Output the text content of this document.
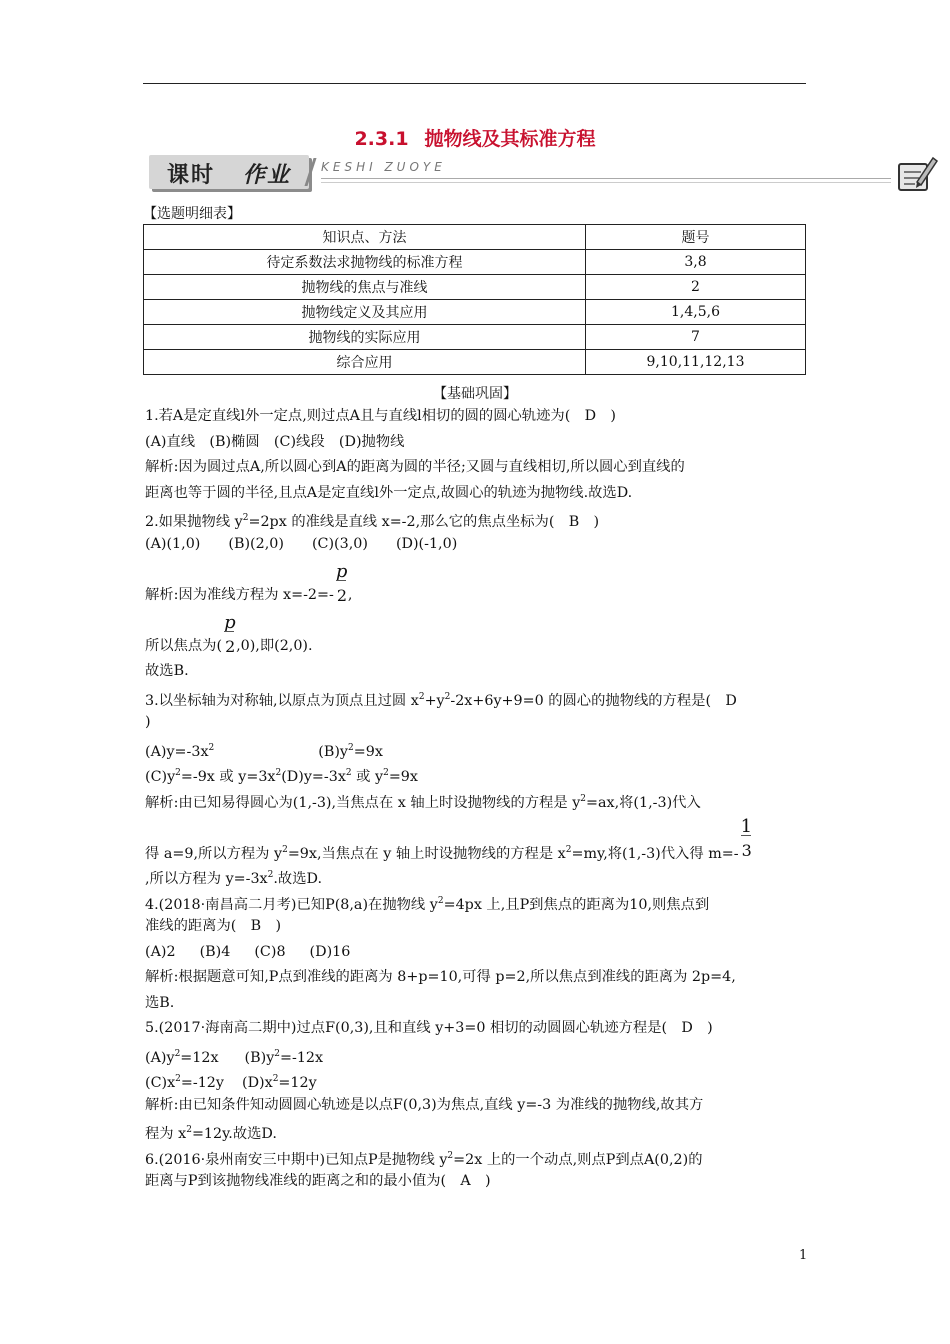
2.3.1 抛物线及其标准方程
课时 作业 KESHI ZUOYE
【选题明细表】
知识点、方法	题号
待定系数法求抛物线的标准方程	3,8
抛物线的焦点与准线	2
抛物线定义及其应用	1,4,5,6
抛物线的实际应用	7
综合应用	9,10,11,12,13
【基础巩固】
1.若A是定直线l外一定点,则过点A且与直线l相切的圆的圆心轨迹为(　D　)
(A)直线　(B)椭圆　(C)线段　(D)抛物线
解析:因为圆过点A,所以圆心到A的距离为圆的半径;又圆与直线相切,所以圆心到直线的
距离也等于圆的半径,且点A是定直线l外一定点,故圆心的轨迹为抛物线.故选D.
2.如果抛物线 $y^2=2px$ 的准线是直线 x=-2,那么它的焦点坐标为(　B　)
(A)(1,0) (B)(2,0) (C)(3,0) (D)(-1,0)
解析:因为准线方程为 $x=-2=- \frac{p}{2}$ ,
所以焦点为( $\frac{p}{2} ,0$),即(2,0).
故选B.
3.以坐标轴为对称轴,以原点为顶点且过圆 $x^2+y^2-2x+6y+9=0$ 的圆心的抛物线的方程是(　D
)
$(A)y=-3x^2$	$(B)y^2=9x$
$(C)y^2=-9x$ 或 $y=3x^2(D)y=-3x^2$ 或 $y^2=9x$
解析:由已知易得圆心为(1,-3),当焦点在 x 轴上时设抛物线的方程是 $y^2=ax$,将(1,-3)代入
得 a=9,所以方程为 $y^2=9x$,当焦点在 y 轴上时设抛物线的方程是 $x^2=my$,将(1,-3)代入得 $m=- \frac{1}{3}$
,所以方程为 $y=-3x^2$.故选D.
4.(2018·南昌高二月考)已知P(8,a)在抛物线 $y^2=4px$ 上,且P到焦点的距离为10,则焦点到
准线的距离为(　B　)
(A)2 (B)4 (C)8 (D)16
解析:根据题意可知,P点到准线的距离为 8+p=10,可得 p=2,所以焦点到准线的距离为 2p=4,
选B.
5.(2017·海南高二期中)过点F(0,3),且和直线 y+3=0 相切的动圆圆心轨迹方程是(　D　)
$(A)y^2=12x$ $(B)y^2=-12x$
$(C)x^2=-12y$ $(D)x^2=12y$
解析:由已知条件知动圆圆心轨迹是以点F(0,3)为焦点,直线 y=-3 为准线的抛物线,故其方
程为 $x^2=12y$.故选D.
6.(2016·泉州南安三中期中)已知点P是抛物线 $y^2=2x$ 上的一个动点,则点P到点A(0,2)的
距离与P到该抛物线准线的距离之和的最小值为(　A　)
1
